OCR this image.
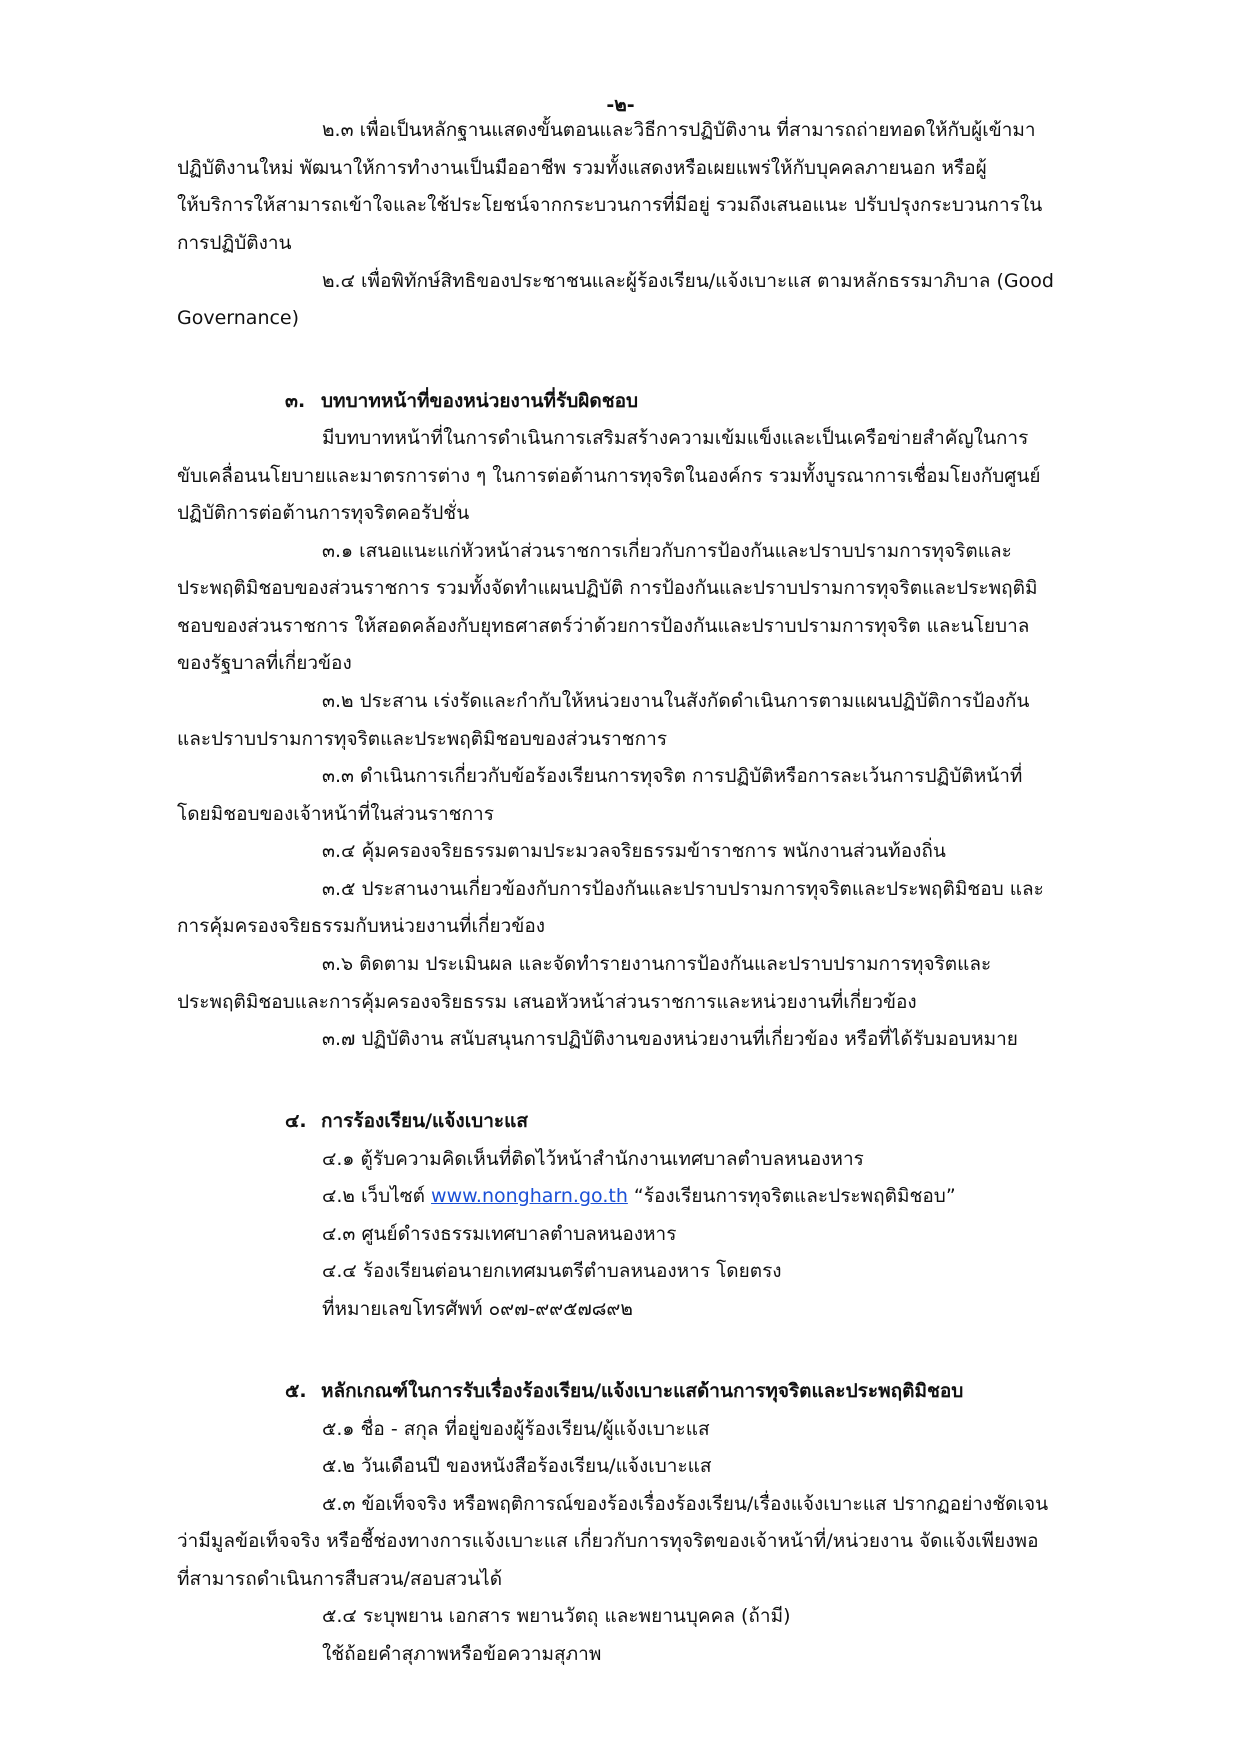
-๒-
๒.๓ เพื่อเป็นหลักฐานแสดงขั้นตอนและวิธีการปฏิบัติงาน ที่สามารถถ่ายทอดให้กับผู้เข้ามา
ปฏิบัติงานใหม่ พัฒนาให้การทำงานเป็นมืออาชีพ รวมทั้งแสดงหรือเผยแพร่ให้กับบุคคลภายนอก หรือผู้
ให้บริการให้สามารถเข้าใจและใช้ประโยชน์จากกระบวนการที่มีอยู่ รวมถึงเสนอแนะ ปรับปรุงกระบวนการใน
การปฏิบัติงาน
๒.๔ เพื่อพิทักษ์สิทธิของประชาชนและผู้ร้องเรียน/แจ้งเบาะแส ตามหลักธรรมาภิบาล (Good
Governance)
๓. บทบาทหน้าที่ของหน่วยงานที่รับผิดชอบ
มีบทบาทหน้าที่ในการดำเนินการเสริมสร้างความเข้มแข็งและเป็นเครือข่ายสำคัญในการ
ขับเคลื่อนนโยบายและมาตรการต่าง ๆ ในการต่อต้านการทุจริตในองค์กร รวมทั้งบูรณาการเชื่อมโยงกับศูนย์
ปฏิบัติการต่อต้านการทุจริตคอรัปชั่น
๓.๑ เสนอแนะแก่หัวหน้าส่วนราชการเกี่ยวกับการป้องกันและปราบปรามการทุจริตและ
ประพฤติมิชอบของส่วนราชการ รวมทั้งจัดทำแผนปฏิบัติ การป้องกันและปราบปรามการทุจริตและประพฤติมิ
ชอบของส่วนราชการ ให้สอดคล้องกับยุทธศาสตร์ว่าด้วยการป้องกันและปราบปรามการทุจริต และนโยบาล
ของรัฐบาลที่เกี่ยวข้อง
๓.๒ ประสาน เร่งรัดและกำกับให้หน่วยงานในสังกัดดำเนินการตามแผนปฏิบัติการป้องกัน
และปราบปรามการทุจริตและประพฤติมิชอบของส่วนราชการ
๓.๓ ดำเนินการเกี่ยวกับข้อร้องเรียนการทุจริต การปฏิบัติหรือการละเว้นการปฏิบัติหน้าที่
โดยมิชอบของเจ้าหน้าที่ในส่วนราชการ
๓.๔ คุ้มครองจริยธรรมตามประมวลจริยธรรมข้าราชการ พนักงานส่วนท้องถิ่น
๓.๕ ประสานงานเกี่ยวข้องกับการป้องกันและปราบปรามการทุจริตและประพฤติมิชอบ และ
การคุ้มครองจริยธรรมกับหน่วยงานที่เกี่ยวข้อง
๓.๖ ติดตาม ประเมินผล และจัดทำรายงานการป้องกันและปราบปรามการทุจริตและ
ประพฤติมิชอบและการคุ้มครองจริยธรรม เสนอหัวหน้าส่วนราชการและหน่วยงานที่เกี่ยวข้อง
๓.๗ ปฏิบัติงาน สนับสนุนการปฏิบัติงานของหน่วยงานที่เกี่ยวข้อง หรือที่ได้รับมอบหมาย
๔. การร้องเรียน/แจ้งเบาะแส
๔.๑ ตู้รับความคิดเห็นที่ติดไว้หน้าสำนักงานเทศบาลตำบลหนองหาร
๔.๒ เว็บไซต์ www.nongharn.go.th “ร้องเรียนการทุจริตและประพฤติมิชอบ”
๔.๓ ศูนย์ดำรงธรรมเทศบาลตำบลหนองหาร
๔.๔ ร้องเรียนต่อนายกเทศมนตรีตำบลหนองหาร โดยตรง
ที่หมายเลขโทรศัพท์ ๐๙๗-๙๙๕๗๘๙๒
๕. หลักเกณฑ์ในการรับเรื่องร้องเรียน/แจ้งเบาะแสด้านการทุจริตและประพฤติมิชอบ
๕.๑ ชื่อ - สกุล ที่อยู่ของผู้ร้องเรียน/ผู้แจ้งเบาะแส
๕.๒ วันเดือนปี ของหนังสือร้องเรียน/แจ้งเบาะแส
๕.๓ ข้อเท็จจริง หรือพฤติการณ์ของร้องเรื่องร้องเรียน/เรื่องแจ้งเบาะแส ปรากฏอย่างชัดเจน
ว่ามีมูลข้อเท็จจริง หรือชี้ช่องทางการแจ้งเบาะแส เกี่ยวกับการทุจริตของเจ้าหน้าที่/หน่วยงาน จัดแจ้งเพียงพอ
ที่สามารถดำเนินการสืบสวน/สอบสวนได้
๕.๔ ระบุพยาน เอกสาร พยานวัตถุ และพยานบุคคล (ถ้ามี)
ใช้ถ้อยคำสุภาพหรือข้อความสุภาพ
